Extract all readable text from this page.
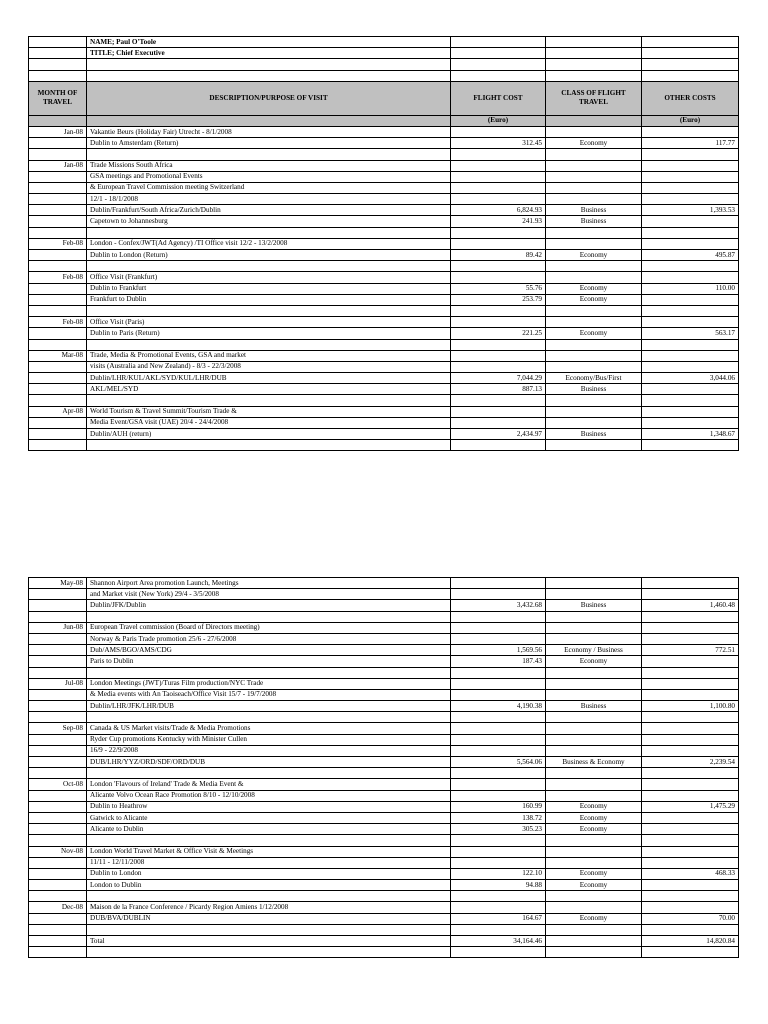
	NAME; Paul O'Toole			
	TITLE; Chief Executive			

MONTH OF TRAVEL	DESCRIPTION/PURPOSE OF VISIT	FLIGHT COST	CLASS OF FLIGHT TRAVEL	OTHER COSTS
		(Euro)		(Euro)
Jan-08	Vakantie Beurs (Holiday Fair) Utrecht - 8/1/2008			
	Dublin to Amsterdam (Return)	312.45	Economy	117.77

Jan-08	Trade Missions South Africa			
	GSA meetings and Promotional Events			
	& European Travel Commission meeting Switzerland			
	12/1 - 18/1/2008			
	Dublin/Frankfurt/South Africa/Zurich/Dublin	6,824.93	Business	1,393.53
	Capetown to Johannesburg	241.93	Business	

Feb-08	London - Confex/JWT(Ad Agency) /TI Office visit 12/2 - 13/2/2008			
	Dublin to London (Return)	89.42	Economy	495.87

Feb-08	Office Visit (Frankfurt)			
	Dublin to Frankfurt	55.76	Economy	110.00
	Frankfurt to Dublin	253.79	Economy	

Feb-08	Office Visit (Paris)			
	Dublin to Paris (Return)	221.25	Economy	563.17

Mar-08	Trade, Media & Promotional Events, GSA and market			
	visits (Australia and New Zealand) - 8/3 - 22/3/2008			
	Dublin/LHR/KUL/AKL/SYD/KUL/LHR/DUB	7,044.29	Economy/Bus/First	3,044.06
	AKL/MEL/SYD	887.13	Business	

Apr-08	World Tourism & Travel Summit/Tourism Trade &			
	Media Event/GSA visit (UAE) 20/4 - 24/4/2008			
	Dublin/AUH (return)	2,434.97	Business	1,348.67

May-08	Shannon Airport Area promotion Launch, Meetings			
	and Market visit (New York) 29/4 - 3/5/2008			
	Dublin/JFK/Dublin	3,432.68	Business	1,460.48

Jun-08	European Travel commission (Board of Directors meeting)			
	Norway & Paris Trade promotion 25/6 - 27/6/2008			
	Dub/AMS/BGO/AMS/CDG	1,569.56	Economy / Business	772.51
	Paris to Dublin	187.43	Economy	

Jul-08	London Meetings (JWT)/Turas Film production/NYC Trade			
	& Media events with An Taoiseach/Office Visit 15/7 - 19/7/2008			
	Dublin/LHR/JFK/LHR/DUB	4,190.38	Business	1,100.80

Sep-08	Canada & US Market visits/Trade & Media Promotions			
	Ryder Cup promotions Kentucky with Minister Cullen			
	16/9 - 22/9/2008			
	DUB/LHR/YYZ/ORD/SDF/ORD/DUB	5,564.06	Business & Economy	2,239.54

Oct-08	London 'Flavours of Ireland' Trade & Media Event &			
	Alicante Volvo Ocean Race Promotion 8/10 - 12/10/2008			
	Dublin to Heathrow	160.99	Economy	1,475.29
	Gatwick to Alicante	138.72	Economy	
	Alicante to Dublin	305.23	Economy	

Nov-08	London World Travel Market & Office Visit & Meetings			
	11/11 - 12/11/2008			
	Dublin to London	122.10	Economy	468.33
	London to Dublin	94.88	Economy	

Dec-08	Maison de la France Conference / Picardy Region Amiens 1/12/2008			
	DUB/BVA/DUBLIN	164.67	Economy	70.00

	Total	34,164.46		14,820.84
